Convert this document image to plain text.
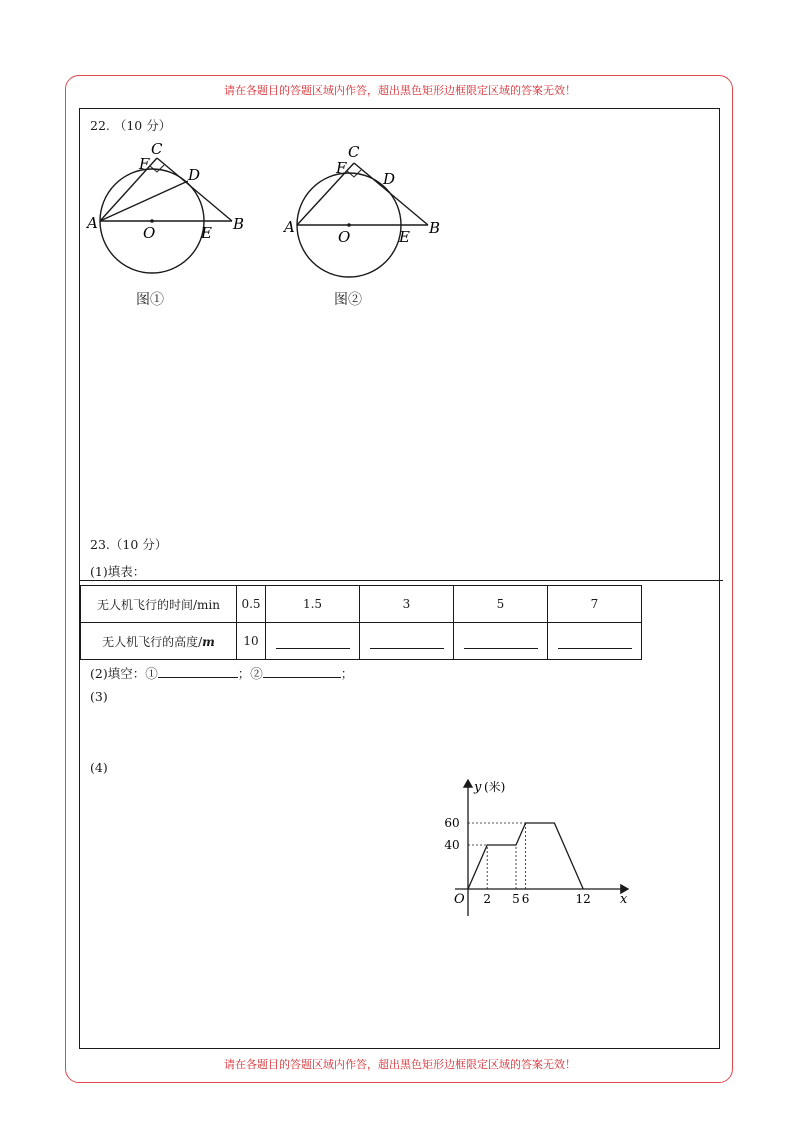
请在各题目的答题区域内作答，超出黑色矩形边框限定区域的答案无效！
请在各题目的答题区域内作答，超出黑色矩形边框限定区域的答案无效！
22. （10 分）
C
F
D
A	B
O	E
图①
C
F
D
A	B
O	E
图②
23.（10 分）
(1)填表：
无人机飞行的时间/min	0.5	1.5	3	5	7
无人机飞行的高度/m	10				
(2)填空：①	；②	；
(3)
(4)
y (米)
x
O
40
60
2 5 6	12
